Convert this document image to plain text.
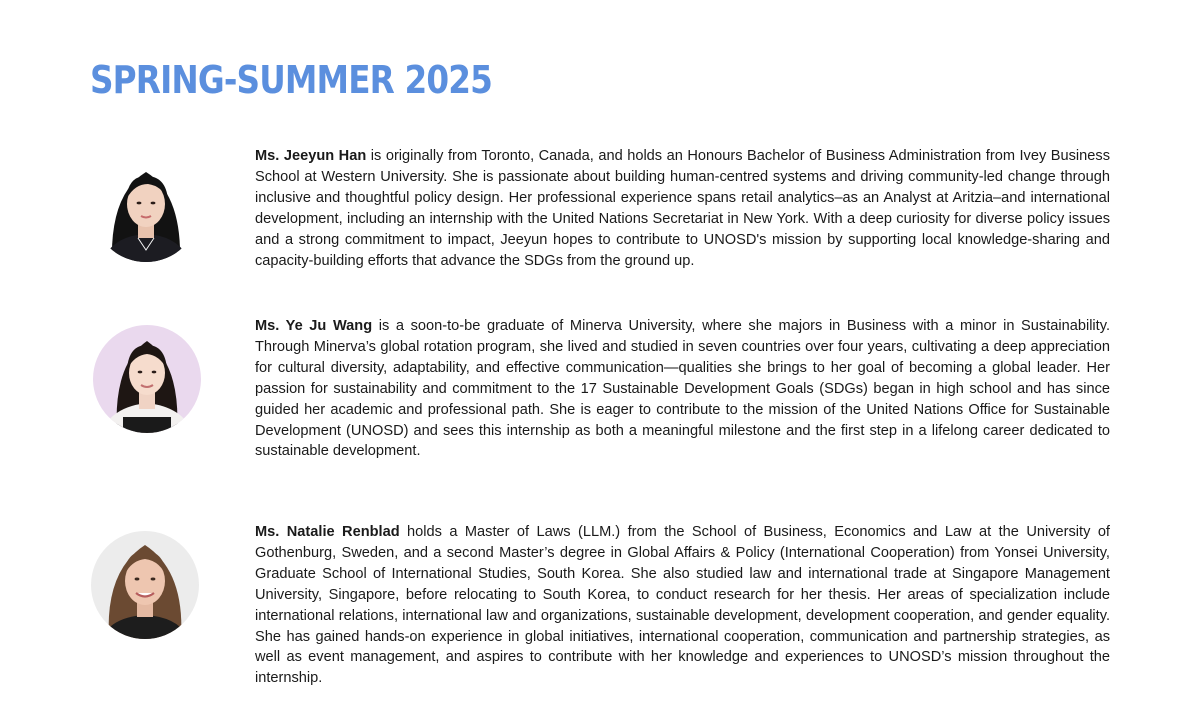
SPRING-SUMMER 2025

Ms. Jeeyun Han is originally from Toronto, Canada, and holds an Honours Bachelor of Business Administration from Ivey Business School at Western University. She is passionate about building human-centred systems and driving community-led change through inclusive and thoughtful policy design. Her professional experience spans retail analytics–as an Analyst at Aritzia–and international development, including an internship with the United Nations Secretariat in New York. With a deep curiosity for diverse policy issues and a strong commitment to impact, Jeeyun hopes to contribute to UNOSD's mission by supporting local knowledge-sharing and capacity-building efforts that advance the SDGs from the ground up.

Ms. Ye Ju Wang is a soon-to-be graduate of Minerva University, where she majors in Business with a minor in Sustainability. Through Minerva’s global rotation program, she lived and studied in seven countries over four years, cultivating a deep appreciation for cultural diversity, adaptability, and effective communication—qualities she brings to her goal of becoming a global leader. Her passion for sustainability and commitment to the 17 Sustainable Development Goals (SDGs) began in high school and has since guided her academic and professional path. She is eager to contribute to the mission of the United Nations Office for Sustainable Development (UNOSD) and sees this internship as both a meaningful milestone and the first step in a lifelong career dedicated to sustainable development.

Ms. Natalie Renblad holds a Master of Laws (LLM.) from the School of Business, Economics and Law at the University of Gothenburg, Sweden, and a second Master’s degree in Global Affairs & Policy (International Cooperation) from Yonsei University, Graduate School of International Studies, South Korea. She also studied law and international trade at Singapore Management University, Singapore, before relocating to South Korea, to conduct research for her thesis. Her areas of specialization include international relations, international law and organizations, sustainable development, development cooperation, and gender equality. She has gained hands-on experience in global initiatives, international cooperation, communication and partnership strategies, as well as event management, and aspires to contribute with her knowledge and experiences to UNOSD’s mission throughout the internship.
